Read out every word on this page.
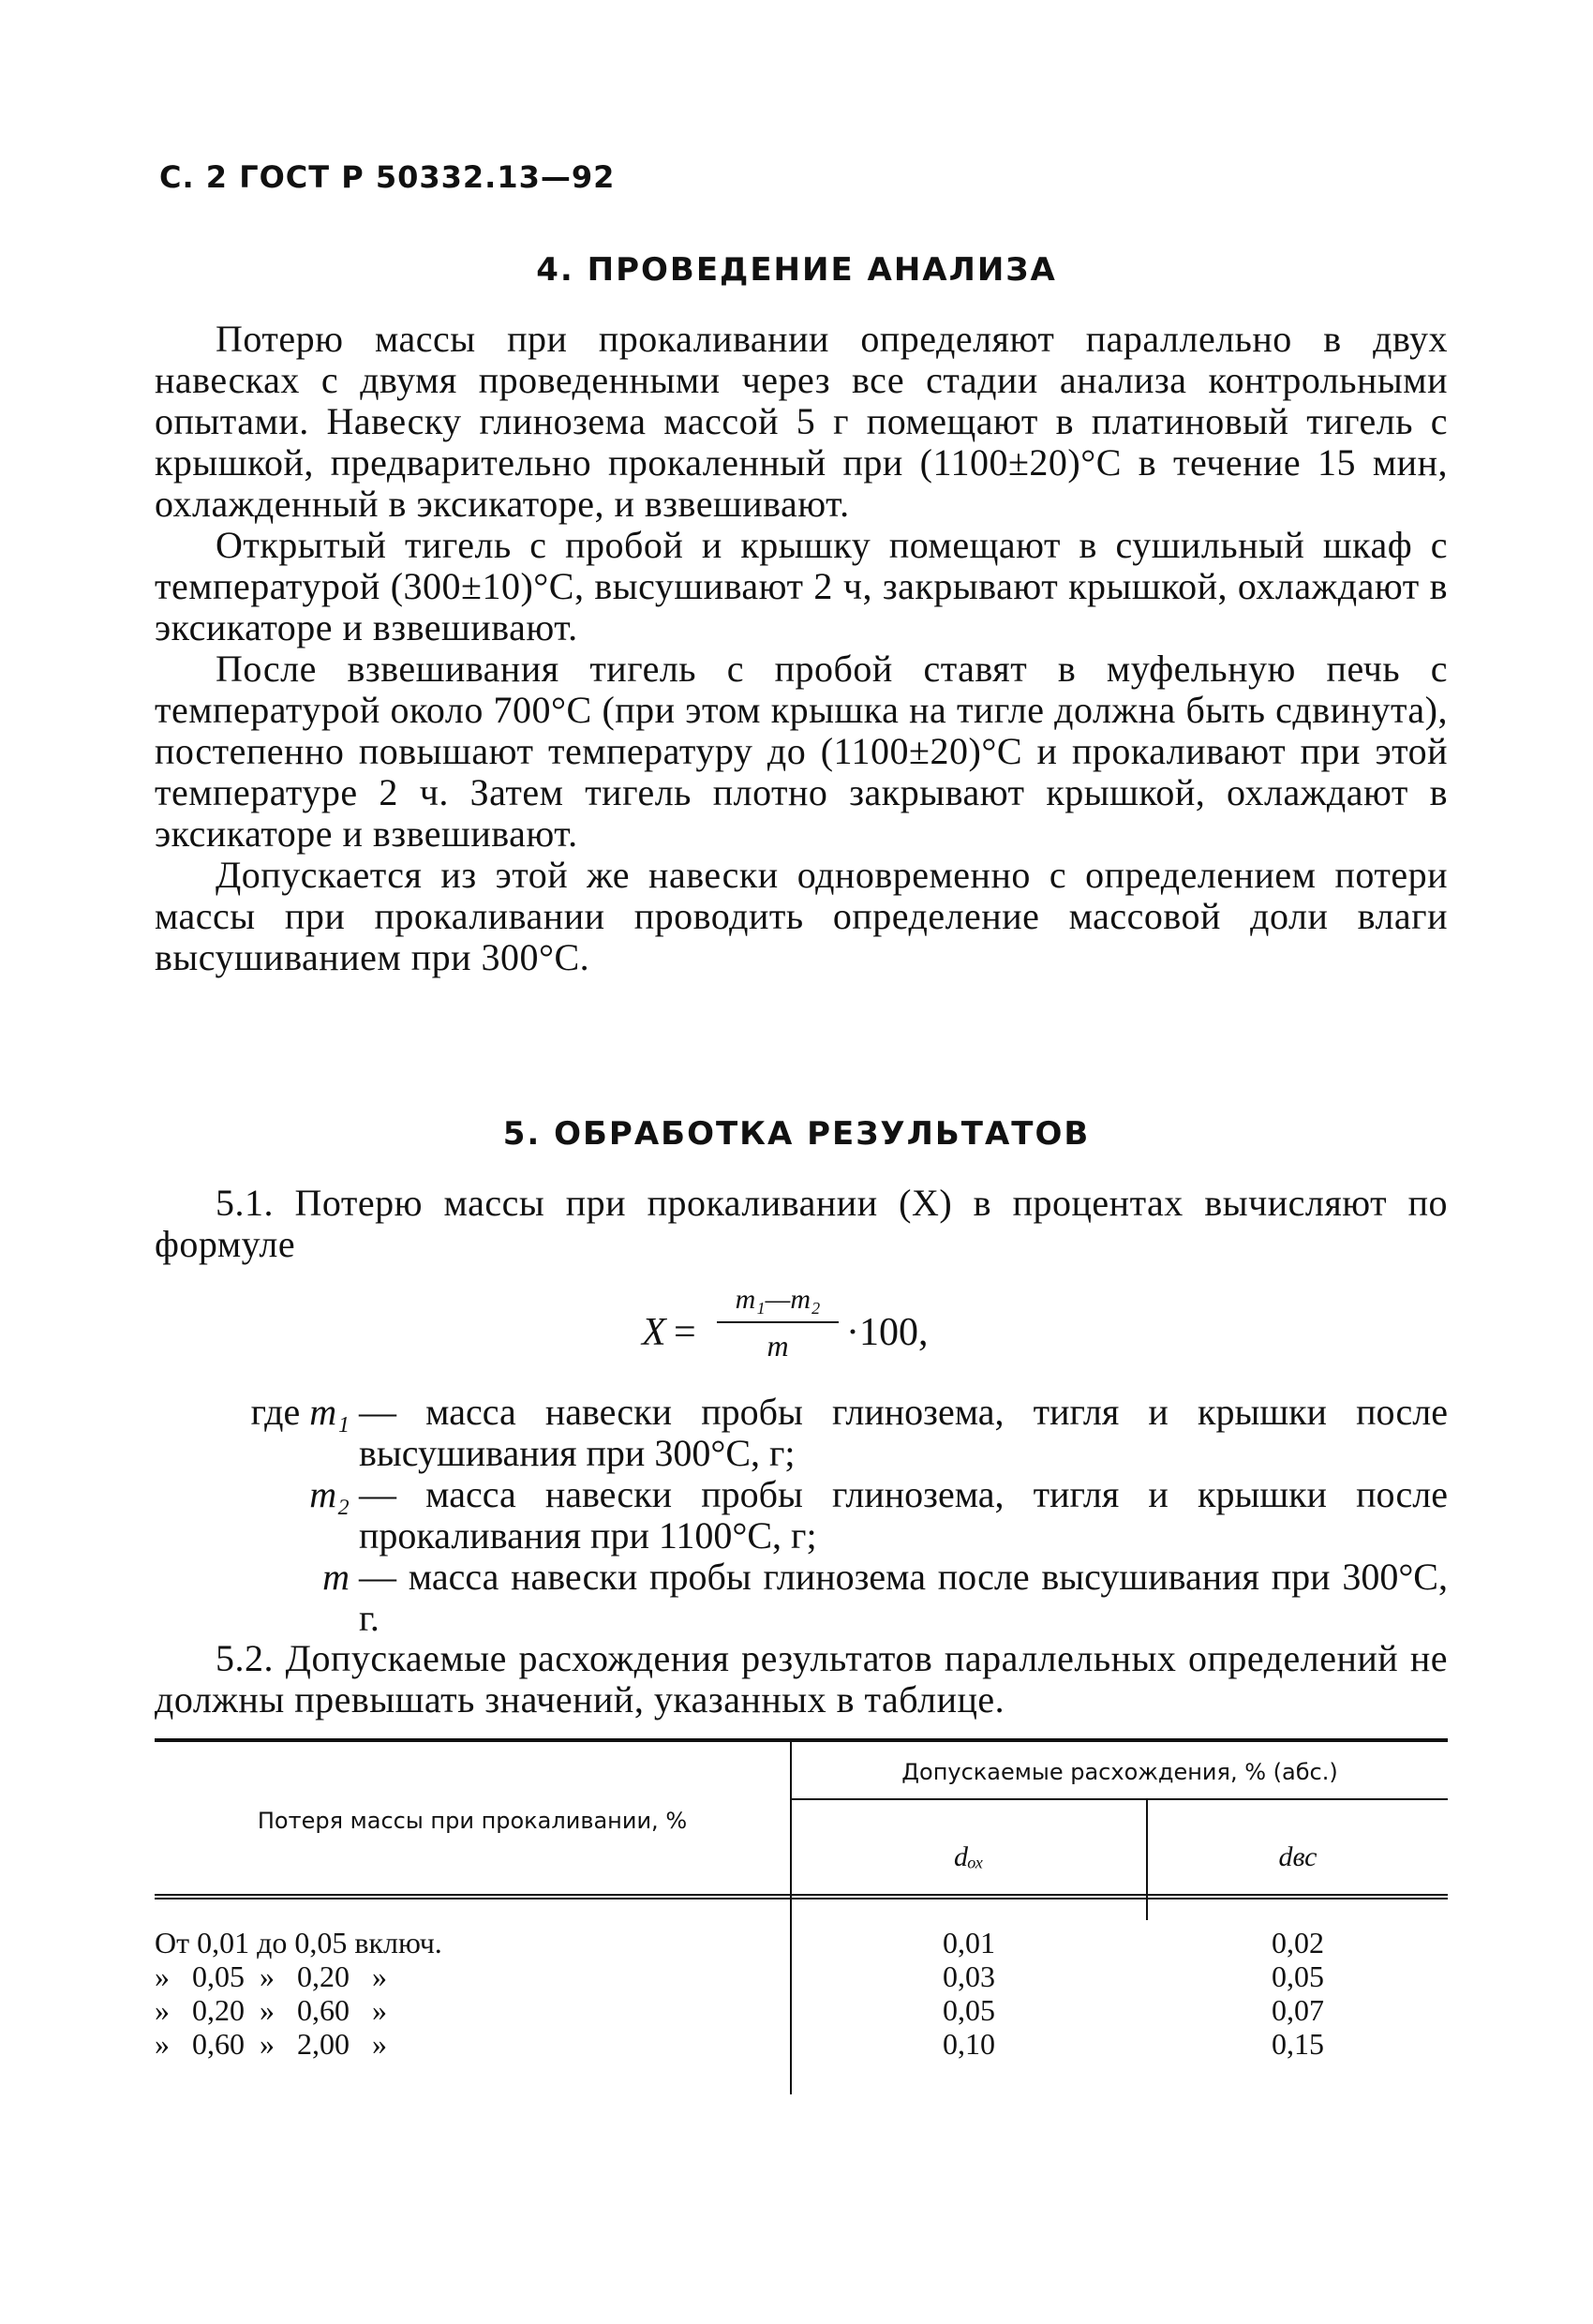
С. 2 ГОСТ Р 50332.13—92
4. ПРОВЕДЕНИЕ АНАЛИЗА

Потерю массы при прокаливании определяют параллельно в двух навесках с двумя проведенными через все стадии анализа контрольными опытами. Навеску глинозема массой 5 г помещают в платиновый тигель с крышкой, предварительно прокаленный при (1100±20)°С в течение 15 мин, охлажденный в эксикаторе, и взвешивают.

Открытый тигель с пробой и крышку помещают в сушильный шкаф с температурой (300±10)°С, высушивают 2 ч, закрывают крышкой, охлаждают в эксикаторе и взвешивают.

После взвешивания тигель с пробой ставят в муфельную печь с температурой около 700°С (при этом крышка на тигле должна быть сдвинута), постепенно повышают температуру до (1100±20)°С и прокаливают при этой температуре 2 ч. Затем тигель плотно закрывают крышкой, охлаждают в эксикаторе и взвешивают.

Допускается из этой же навески одновременно с определением потери массы при прокаливании проводить определение массовой доли влаги высушиванием при 300°С.

5. ОБРАБОТКА РЕЗУЛЬТАТОВ

5.1. Потерю массы при прокаливании (X) в процентах вычисляют по формуле

X =
m₁—m₂
m	·100,
где m₁ — масса навески пробы глинозема, тигля и крышки после высушивания при 300°С, г;
m₂ — масса навески пробы глинозема, тигля и крышки после прокаливания при 1100°С, г;
m — масса навески пробы глинозема после высушивания при 300°С, г.

5.2. Допускаемые расхождения результатов параллельных определений не должны превышать значений, указанных в таблице.

Потеря массы при прокаливании, %
Допускаемые расхождения, % (абс.)
dₒₓ	dвс
От 0,01 до 0,05 включ.	0,01	0,02
»   0,05  »   0,20   »	0,03	0,05
»   0,20  »   0,60   »	0,05	0,07
»   0,60  »   2,00   »	0,10	0,15
